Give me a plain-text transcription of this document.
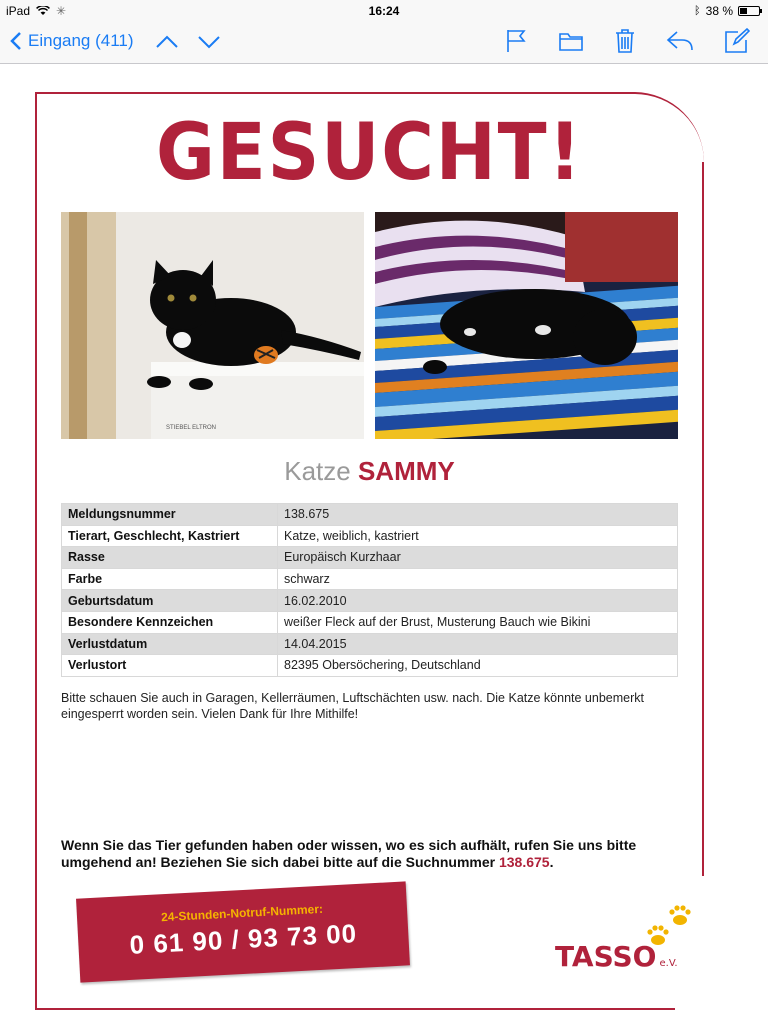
iPad ✳	16:24	ᛒ 38 %
Eingang (411)
GESUCHT!
STIEBEL ELTRON
Katze SAMMY
Meldungsnummer	138.675
Tierart, Geschlecht, Kastriert	Katze, weiblich, kastriert
Rasse	Europäisch Kurzhaar
Farbe	schwarz
Geburtsdatum	16.02.2010
Besondere Kennzeichen	weißer Fleck auf der Brust, Musterung Bauch wie Bikini
Verlustdatum	14.04.2015
Verlustort	82395 Obersöchering, Deutschland
Bitte schauen Sie auch in Garagen, Kellerräumen, Luftschächten usw. nach. Die Katze könnte unbemerkt eingesperrt worden sein. Vielen Dank für Ihre Mithilfe!
Wenn Sie das Tier gefunden haben oder wissen, wo es sich aufhält, rufen Sie uns bitte umgehend an! Beziehen Sie sich dabei bitte auf die Suchnummer 138.675.
24-Stunden-Notruf-Nummer:
0 61 90 / 93 73 00	TASSO e.V.
